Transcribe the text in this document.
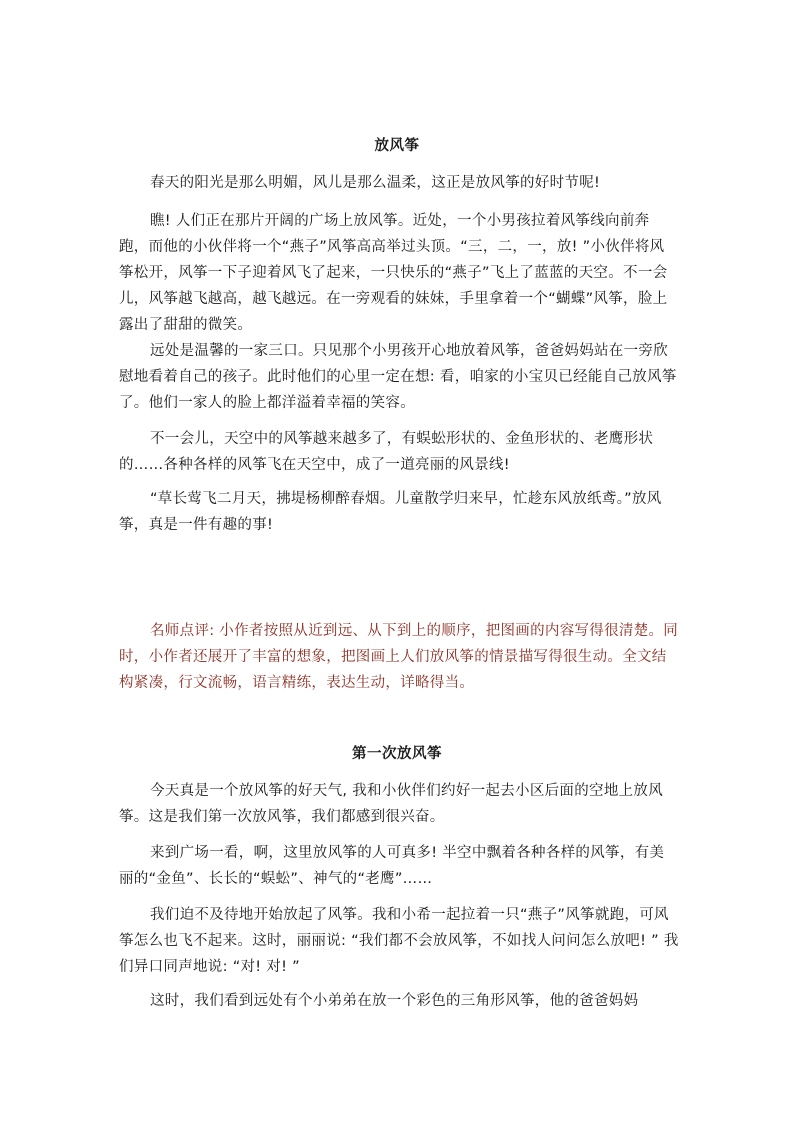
放风筝

春天的阳光是那么明媚，风儿是那么温柔，这正是放风筝的好时节呢!

瞧! 人们正在那片开阔的广场上放风筝。近处，一个小男孩拉着风筝线向前奔跑，而他的小伙伴将一个“燕子”风筝高高举过头顶。“三，二，一，放! ”小伙伴将风筝松开，风筝一下子迎着风飞了起来，一只快乐的“燕子”飞上了蓝蓝的天空。不一会儿，风筝越飞越高，越飞越远。在一旁观看的妹妹，手里拿着一个“蝴蝶”风筝，脸上露出了甜甜的微笑。

远处是温馨的一家三口。只见那个小男孩开心地放着风筝，爸爸妈妈站在一旁欣慰地看着自己的孩子。此时他们的心里一定在想: 看，咱家的小宝贝已经能自己放风筝了。他们一家人的脸上都洋溢着幸福的笑容。

不一会儿，天空中的风筝越来越多了，有蜈蚣形状的、金鱼形状的、老鹰形状的……各种各样的风筝飞在天空中，成了一道亮丽的风景线!

“草长莺飞二月天，拂堤杨柳醉春烟。儿童散学归来早，忙趁东风放纸鸢。”放风筝，真是一件有趣的事!

名师点评: 小作者按照从近到远、从下到上的顺序，把图画的内容写得很清楚。同时，小作者还展开了丰富的想象，把图画上人们放风筝的情景描写得很生动。全文结构紧凑，行文流畅，语言精练，表达生动，详略得当。

第一次放风筝

今天真是一个放风筝的好天气, 我和小伙伴们约好一起去小区后面的空地上放风筝。这是我们第一次放风筝，我们都感到很兴奋。

来到广场一看，啊，这里放风筝的人可真多! 半空中飘着各种各样的风筝，有美丽的“金鱼”、长长的“蜈蚣”、神气的“老鹰”……

我们迫不及待地开始放起了风筝。我和小希一起拉着一只“燕子”风筝就跑，可风筝怎么也飞不起来。这时，丽丽说: “我们都不会放风筝，不如找人问问怎么放吧! ” 我们异口同声地说: “对! 对! ”

这时，我们看到远处有个小弟弟在放一个彩色的三角形风筝，他的爸爸妈妈
